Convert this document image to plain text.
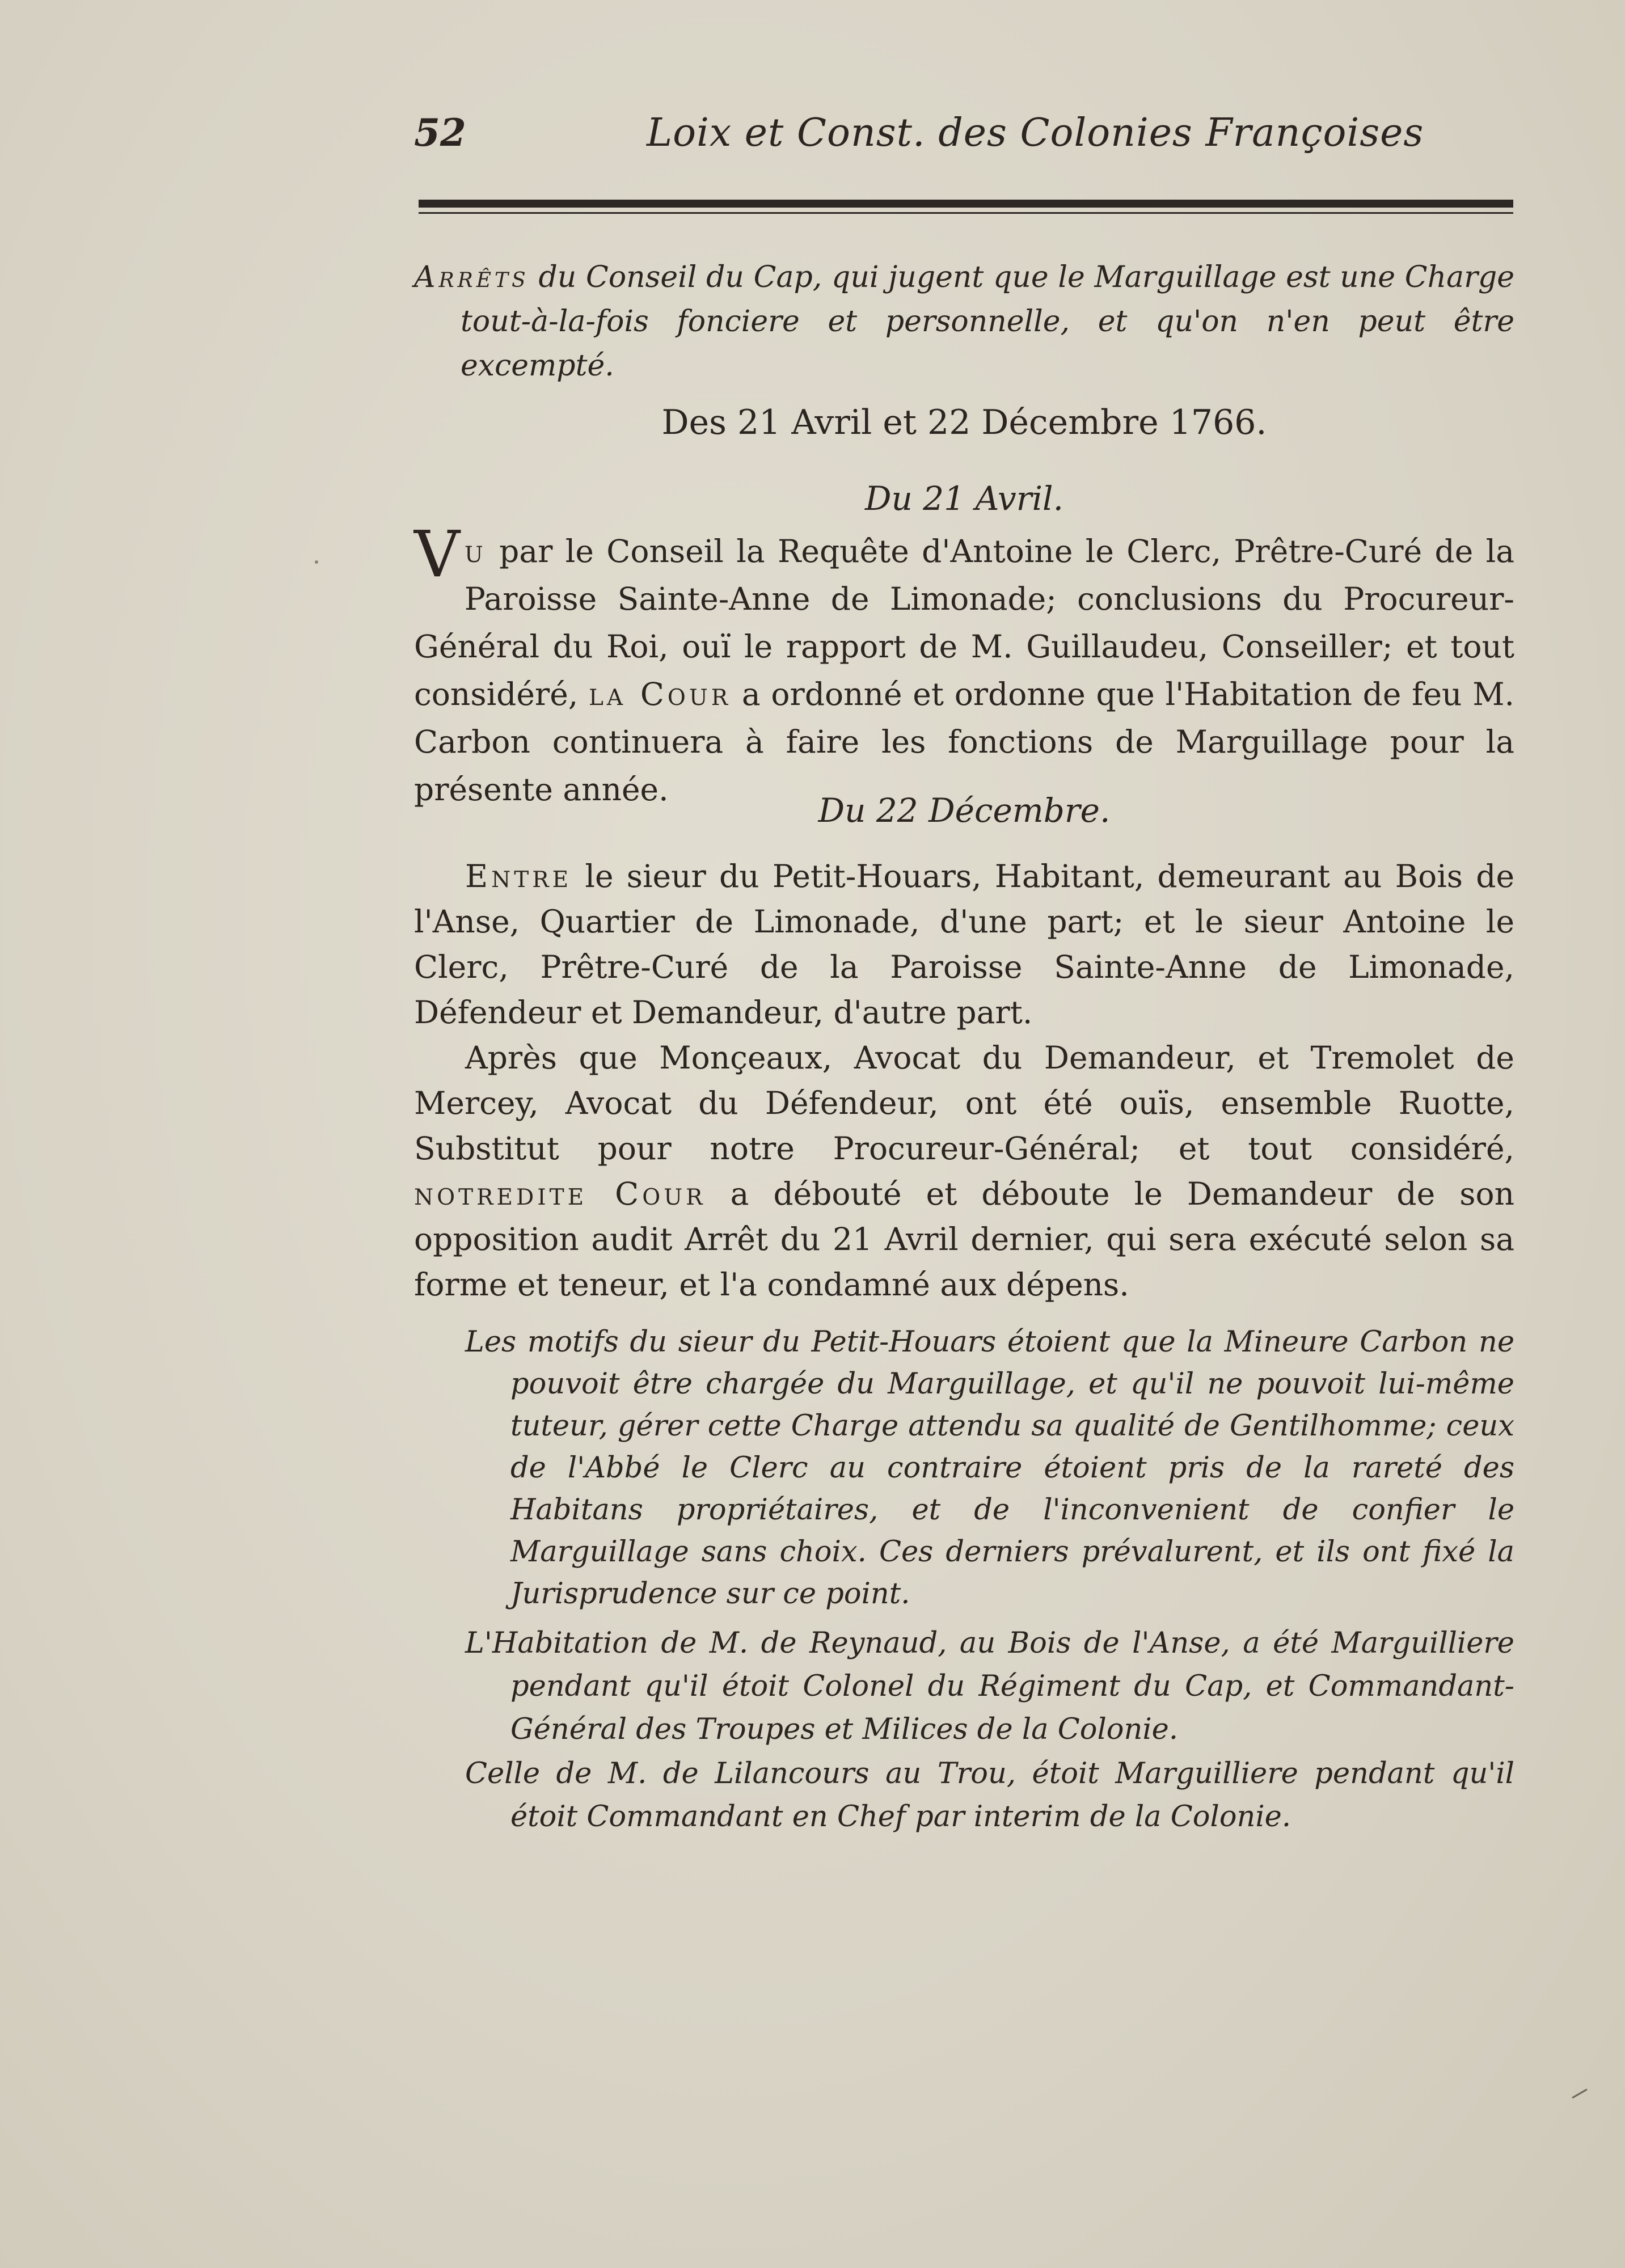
52	Loix et Const. des Colonies Françoises
Arrêts du Conseil du Cap, qui jugent que le Marguillage est une Charge tout-à-la-fois fonciere et personnelle, et qu'on n'en peut être excempté.
Des 21 Avril et 22 Décembre 1766.
Du 21 Avril.
Vu par le Conseil la Requête d'Antoine le Clerc, Prêtre-Curé de la Paroisse Sainte-Anne de Limonade; conclusions du Procureur-Général du Roi, ouï le rapport de M. Guillaudeu, Conseiller; et tout considéré, la Cour a ordonné et ordonne que l'Habitation de feu M. Carbon continuera à faire les fonctions de Marguillage pour la présente année.
Du 22 Décembre.
Entre le sieur du Petit-Houars, Habitant, demeurant au Bois de l'Anse, Quartier de Limonade, d'une part; et le sieur Antoine le Clerc, Prêtre-Curé de la Paroisse Sainte-Anne de Limonade, Défendeur et Demandeur, d'autre part.
Après que Monçeaux, Avocat du Demandeur, et Tremolet de Mercey, Avocat du Défendeur, ont été ouïs, ensemble Ruotte, Substitut pour notre Procureur-Général; et tout considéré, notredite Cour a débouté et déboute le Demandeur de son opposition audit Arrêt du 21 Avril dernier, qui sera exécuté selon sa forme et teneur, et l'a condamné aux dépens.
Les motifs du sieur du Petit-Houars étoient que la Mineure Carbon ne pouvoit être chargée du Marguillage, et qu'il ne pouvoit lui-même tuteur, gérer cette Charge attendu sa qualité de Gentilhomme; ceux de l'Abbé le Clerc au contraire étoient pris de la rareté des Habitans propriétaires, et de l'inconvenient de confier le Marguillage sans choix. Ces derniers prévalurent, et ils ont fixé la Jurisprudence sur ce point.
L'Habitation de M. de Reynaud, au Bois de l'Anse, a été Marguilliere pendant qu'il étoit Colonel du Régiment du Cap, et Commandant-Général des Troupes et Milices de la Colonie.
Celle de M. de Lilancours au Trou, étoit Marguilliere pendant qu'il étoit Commandant en Chef par interim de la Colonie.
